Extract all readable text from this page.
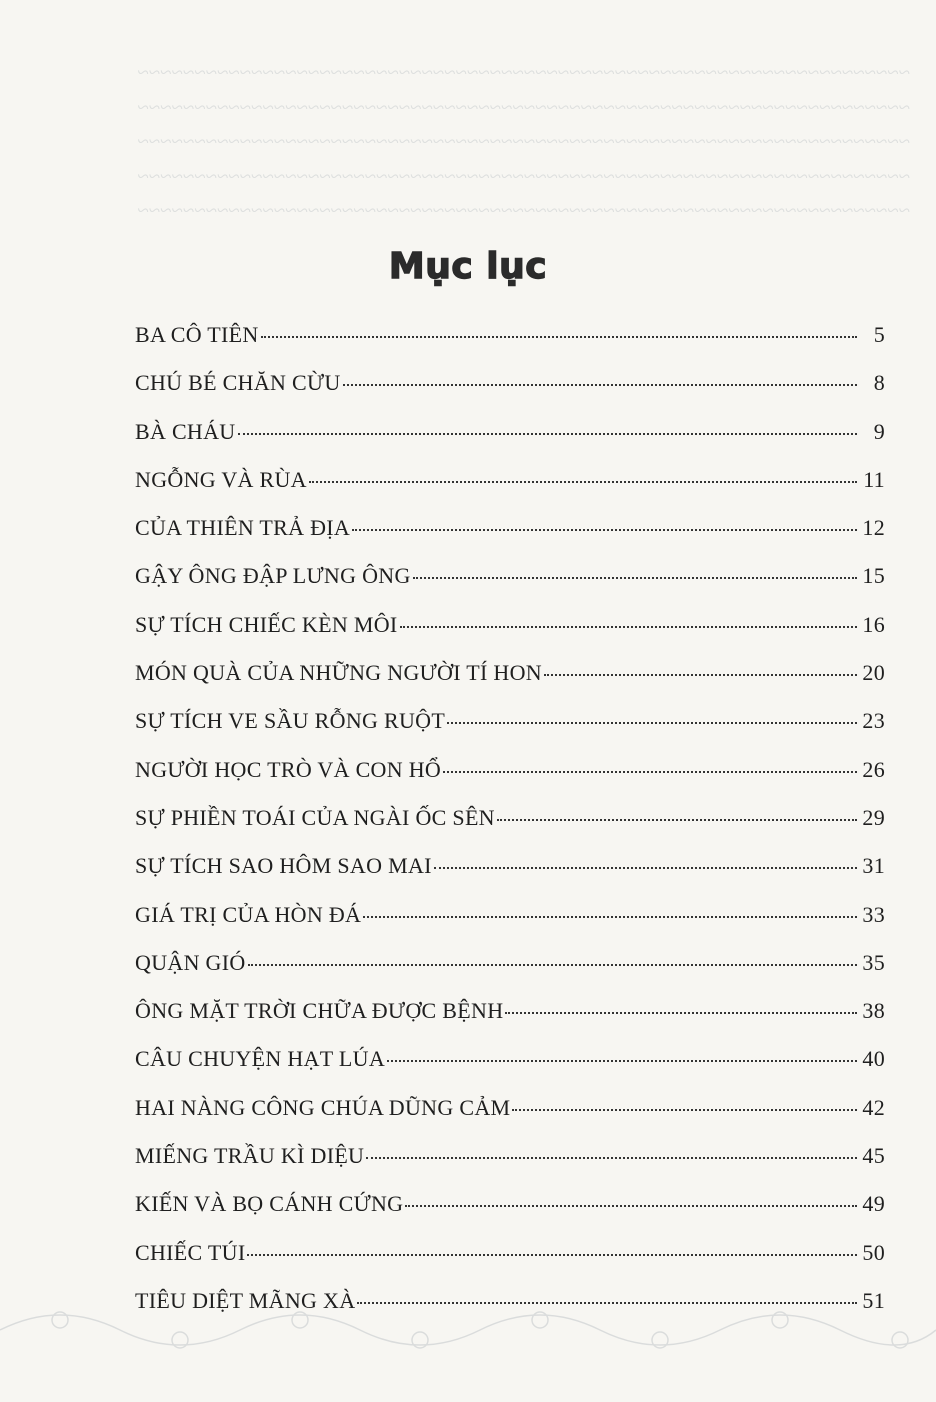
~~~~~~~~~~~~~~~~~~~~~~~~~~~~~~~~~~~~~~~~~~~~~~~~~~~~~~~~~~~~~~~~~~~~

~~~~~~~~~~~~~~~~~~~~~~~~~~~~~~~~~~~~~~~~~~~~~~~~~~~~~~~~~~~~~~~~~~~~

~~~~~~~~~~~~~~~~~~~~~~~~~~~~~~~~~~~~~~~~~~~~~~~~~~~~~~~~~~~~~~~~~~~~

~~~~~~~~~~~~~~~~~~~~~~~~~~~~~~~~~~~~~~~~~~~~~~~~~~~~~~~~~~~~~~~~~~~~

~~~~~~~~~~~~~~~~~~~~~~~~~~~~~~~~~~~~~~~~~~~~~~~~~~~~~~~~~~~~~~~~~~~~

Mục lục
BA CÔ TIÊN	5
CHÚ BÉ CHĂN CỪU	8
BÀ CHÁU	9
NGỖNG VÀ RÙA	11
CỦA THIÊN TRẢ ĐỊA	12
GẬY ÔNG ĐẬP LƯNG ÔNG	15
SỰ TÍCH CHIẾC KÈN MÔI	16
MÓN QUÀ CỦA NHỮNG NGƯỜI TÍ HON	20
SỰ TÍCH VE SẦU RỖNG RUỘT	23
NGƯỜI HỌC TRÒ VÀ CON HỔ	26
SỰ PHIỀN TOÁI CỦA NGÀI ỐC SÊN	29
SỰ TÍCH SAO HÔM SAO MAI	31
GIÁ TRỊ CỦA HÒN ĐÁ	33
QUẬN GIÓ	35
ÔNG MẶT TRỜI CHỮA ĐƯỢC BỆNH	38
CÂU CHUYỆN HẠT LÚA	40
HAI NÀNG CÔNG CHÚA DŨNG CẢM	42
MIẾNG TRẦU KÌ DIỆU	45
KIẾN VÀ BỌ CÁNH CỨNG	49
CHIẾC TÚI	50
TIÊU DIỆT MÃNG XÀ	51
